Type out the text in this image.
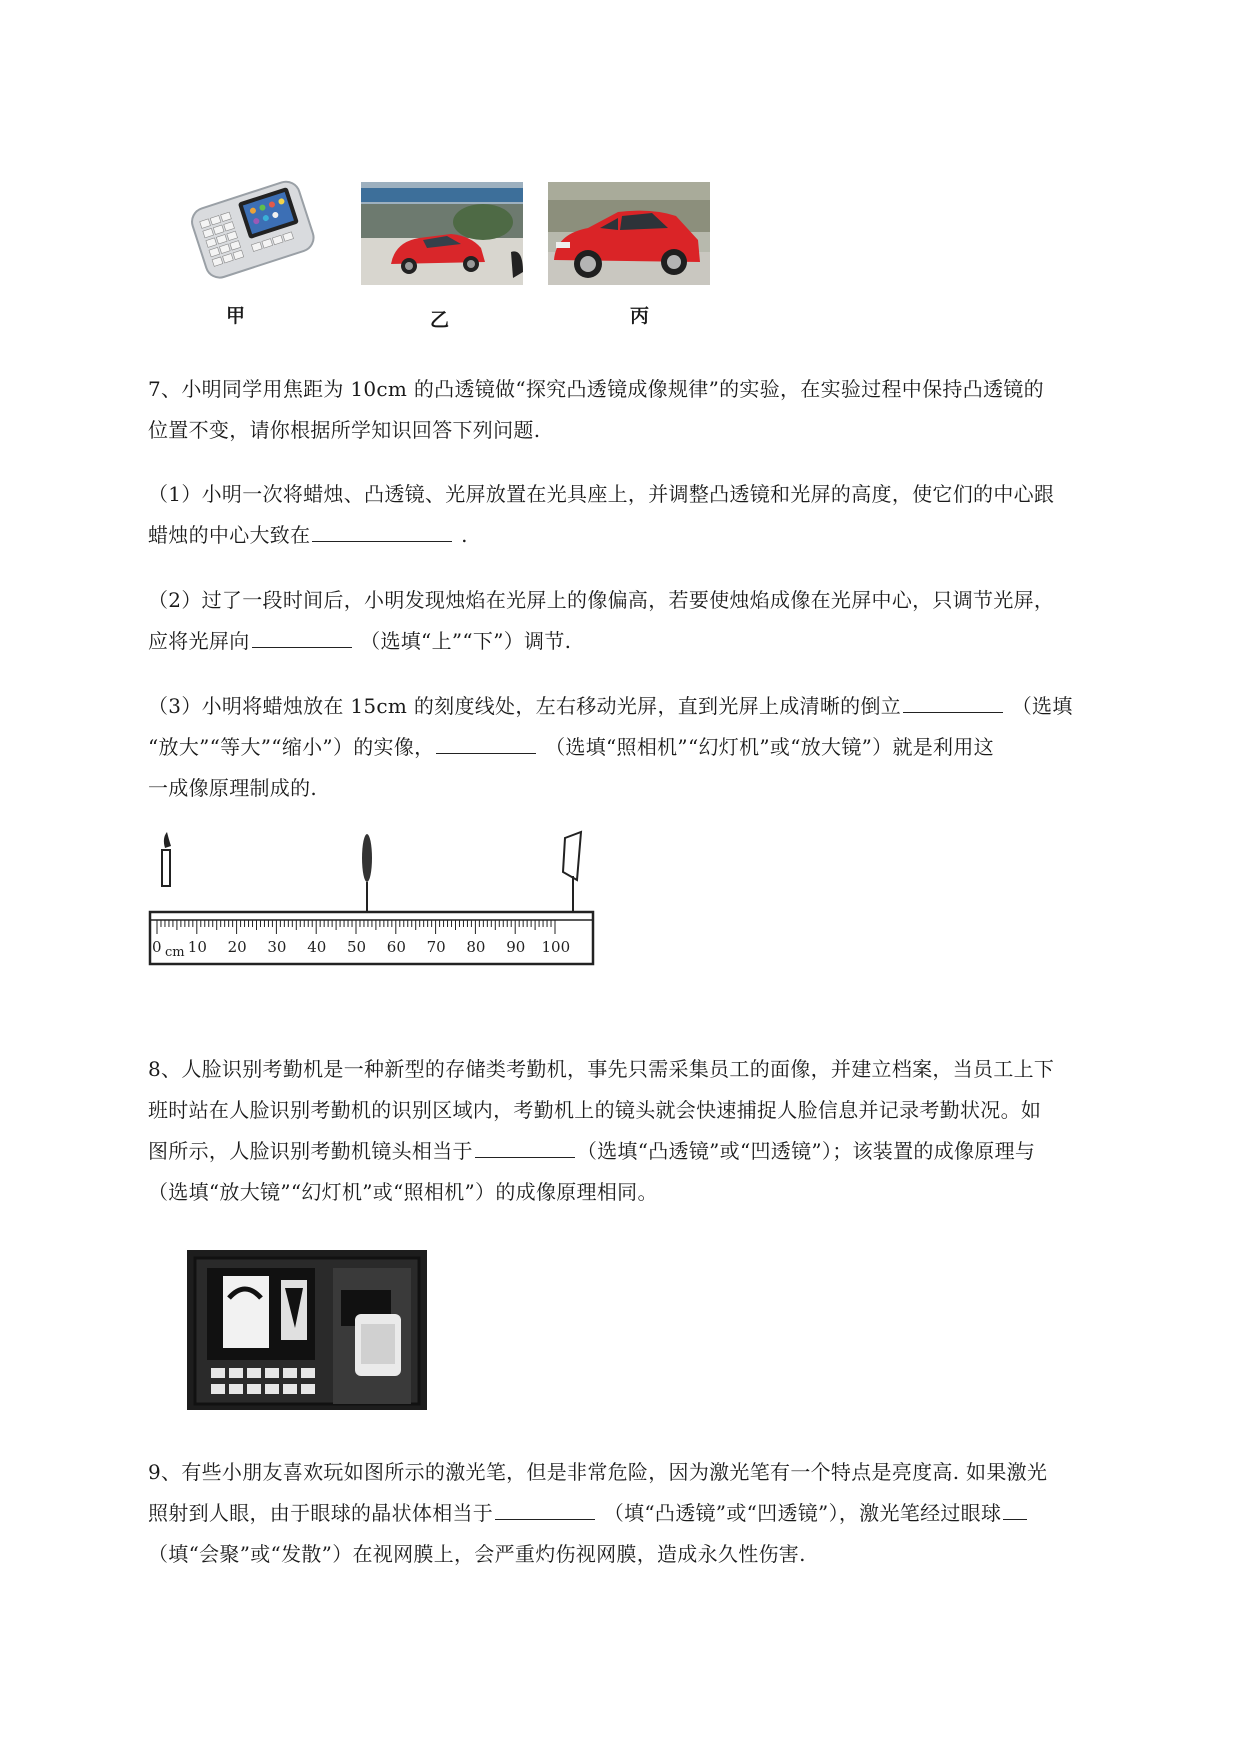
甲	乙	丙
7、小明同学用焦距为 10cm 的凸透镜做“探究凸透镜成像规律”的实验，在实验过程中保持凸透镜的
位置不变，请你根据所学知识回答下列问题.
（1）小明一次将蜡烛、凸透镜、光屏放置在光具座上，并调整凸透镜和光屏的高度，使它们的中心跟
蜡烛的中心大致在	.
（2）过了一段时间后，小明发现烛焰在光屏上的像偏高，若要使烛焰成像在光屏中心，只调节光屏，
应将光屏向	（选填“上”“下”）调节.
（3）小明将蜡烛放在 15cm 的刻度线处，左右移动光屏，直到光屏上成清晰的倒立	（选填
“放大”“等大”“缩小”）的实像，	（选填“照相机”“幻灯机”或“放大镜”）就是利用这
一成像原理制成的.
0 10 20 30 40 50 60 70 80 90 100
cm
8、人脸识别考勤机是一种新型的存储类考勤机，事先只需采集员工的面像，并建立档案，当员工上下
班时站在人脸识别考勤机的识别区域内，考勤机上的镜头就会快速捕捉人脸信息并记录考勤状况。如
图所示，人脸识别考勤机镜头相当于	（选填“凸透镜”或“凹透镜”）；该装置的成像原理与
（选填“放大镜”“幻灯机”或“照相机”）的成像原理相同。
9、有些小朋友喜欢玩如图所示的激光笔，但是非常危险，因为激光笔有一个特点是亮度高. 如果激光
照射到人眼，由于眼球的晶状体相当于	（填“凸透镜”或“凹透镜”），激光笔经过眼球
（填“会聚”或“发散”）在视网膜上，会严重灼伤视网膜，造成永久性伤害.
